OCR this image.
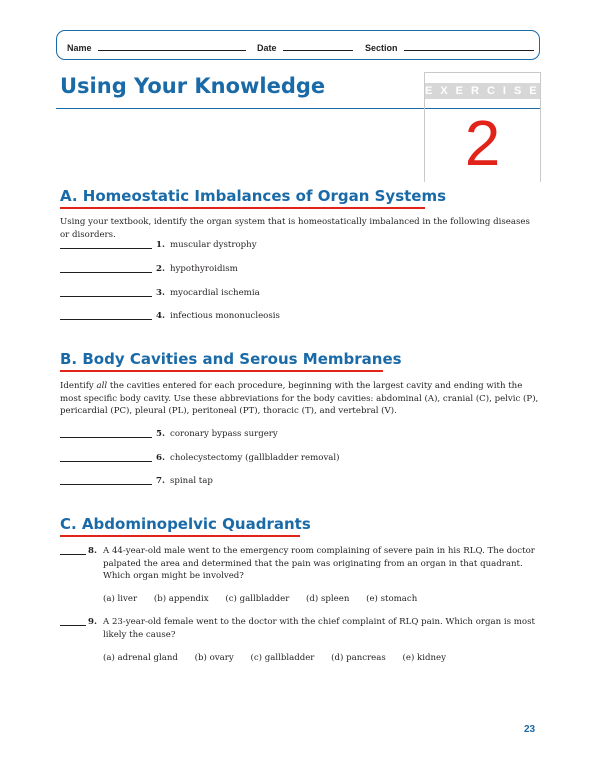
Name	Date	Section
Using Your Knowledge	EXERCISE
2
A. Homeostatic Imbalances of Organ Systems

Using your textbook, identify the organ system that is homeostatically imbalanced in the following diseases or disorders.

1. muscular dystrophy
2. hypothyroidism
3. myocardial ischemia
4. infectious mononucleosis
B. Body Cavities and Serous Membranes

Identify all the cavities entered for each procedure, beginning with the largest cavity and ending with the most specific body cavity. Use these abbreviations for the body cavities: abdominal (A), cranial (C), pelvic (P), pericardial (PC), pleural (PL), peritoneal (PT), thoracic (T), and vertebral (V).

5. coronary bypass surgery
6. cholecystectomy (gallbladder removal)
7. spinal tap
C. Abdominopelvic Quadrants
8. A 44-year-old male went to the emergency room complaining of severe pain in his RLQ. The doctor palpated the area and determined that the pain was originating from an organ in that quadrant. Which organ might be involved?

(a) liver (b) appendix (c) gallbladder (d) spleen (e) stomach
9. A 23-year-old female went to the doctor with the chief complaint of RLQ pain. Which organ is most likely the cause?

(a) adrenal gland (b) ovary (c) gallbladder (d) pancreas (e) kidney
23
